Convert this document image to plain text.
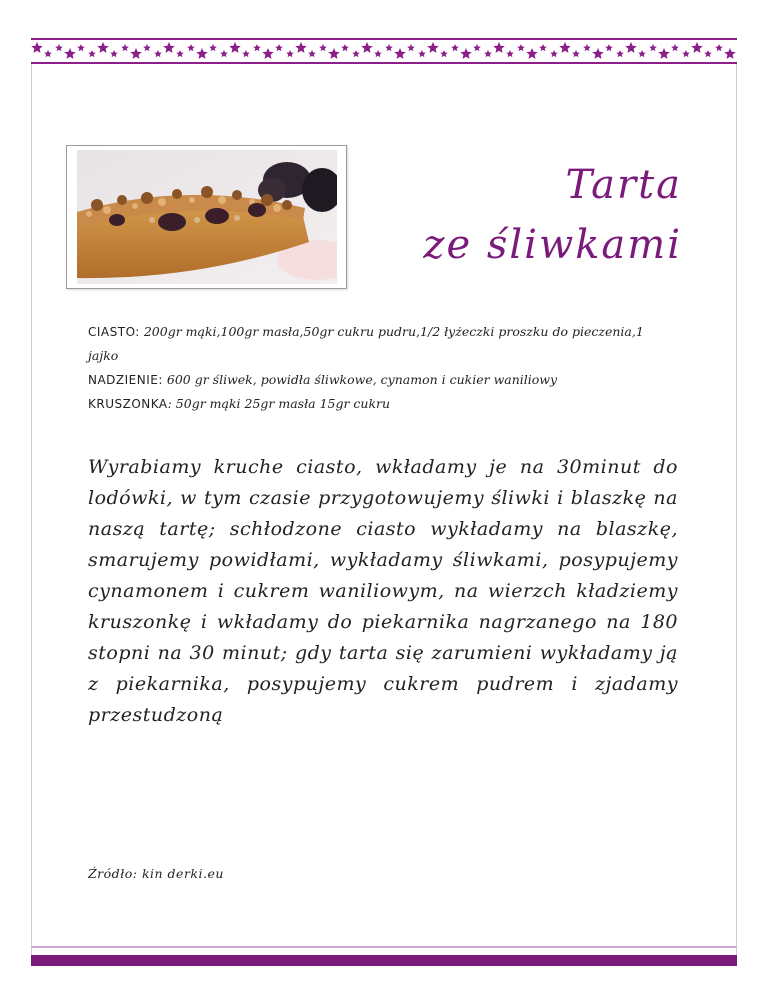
Tarta
ze śliwkami

CIASTO: 200gr mąki,100gr masła,50gr cukru pudru,1/2 łyżeczki proszku do pieczenia,1 jajko

NADZIENIE: 600 gr śliwek, powidła śliwkowe, cynamon i cukier waniliowy

KRUSZONKA: 50gr mąki 25gr masła 15gr cukru

Wyrabiamy kruche ciasto, wkładamy je na 30minut do lodówki, w tym czasie przygotowujemy śliwki i blaszkę na naszą tartę; schłodzone ciasto wykładamy na blaszkę, smarujemy powidłami, wykładamy śliwkami, posypujemy cynamonem i cukrem waniliowym, na wierzch kładziemy kruszonkę i wkładamy do piekarnika nagrzanego na 180 stopni na 30 minut; gdy tarta się zarumieni wykładamy ją z piekarnika, posypujemy cukrem pudrem i zjadamy przestudzoną

Źródło: kin derki.eu
